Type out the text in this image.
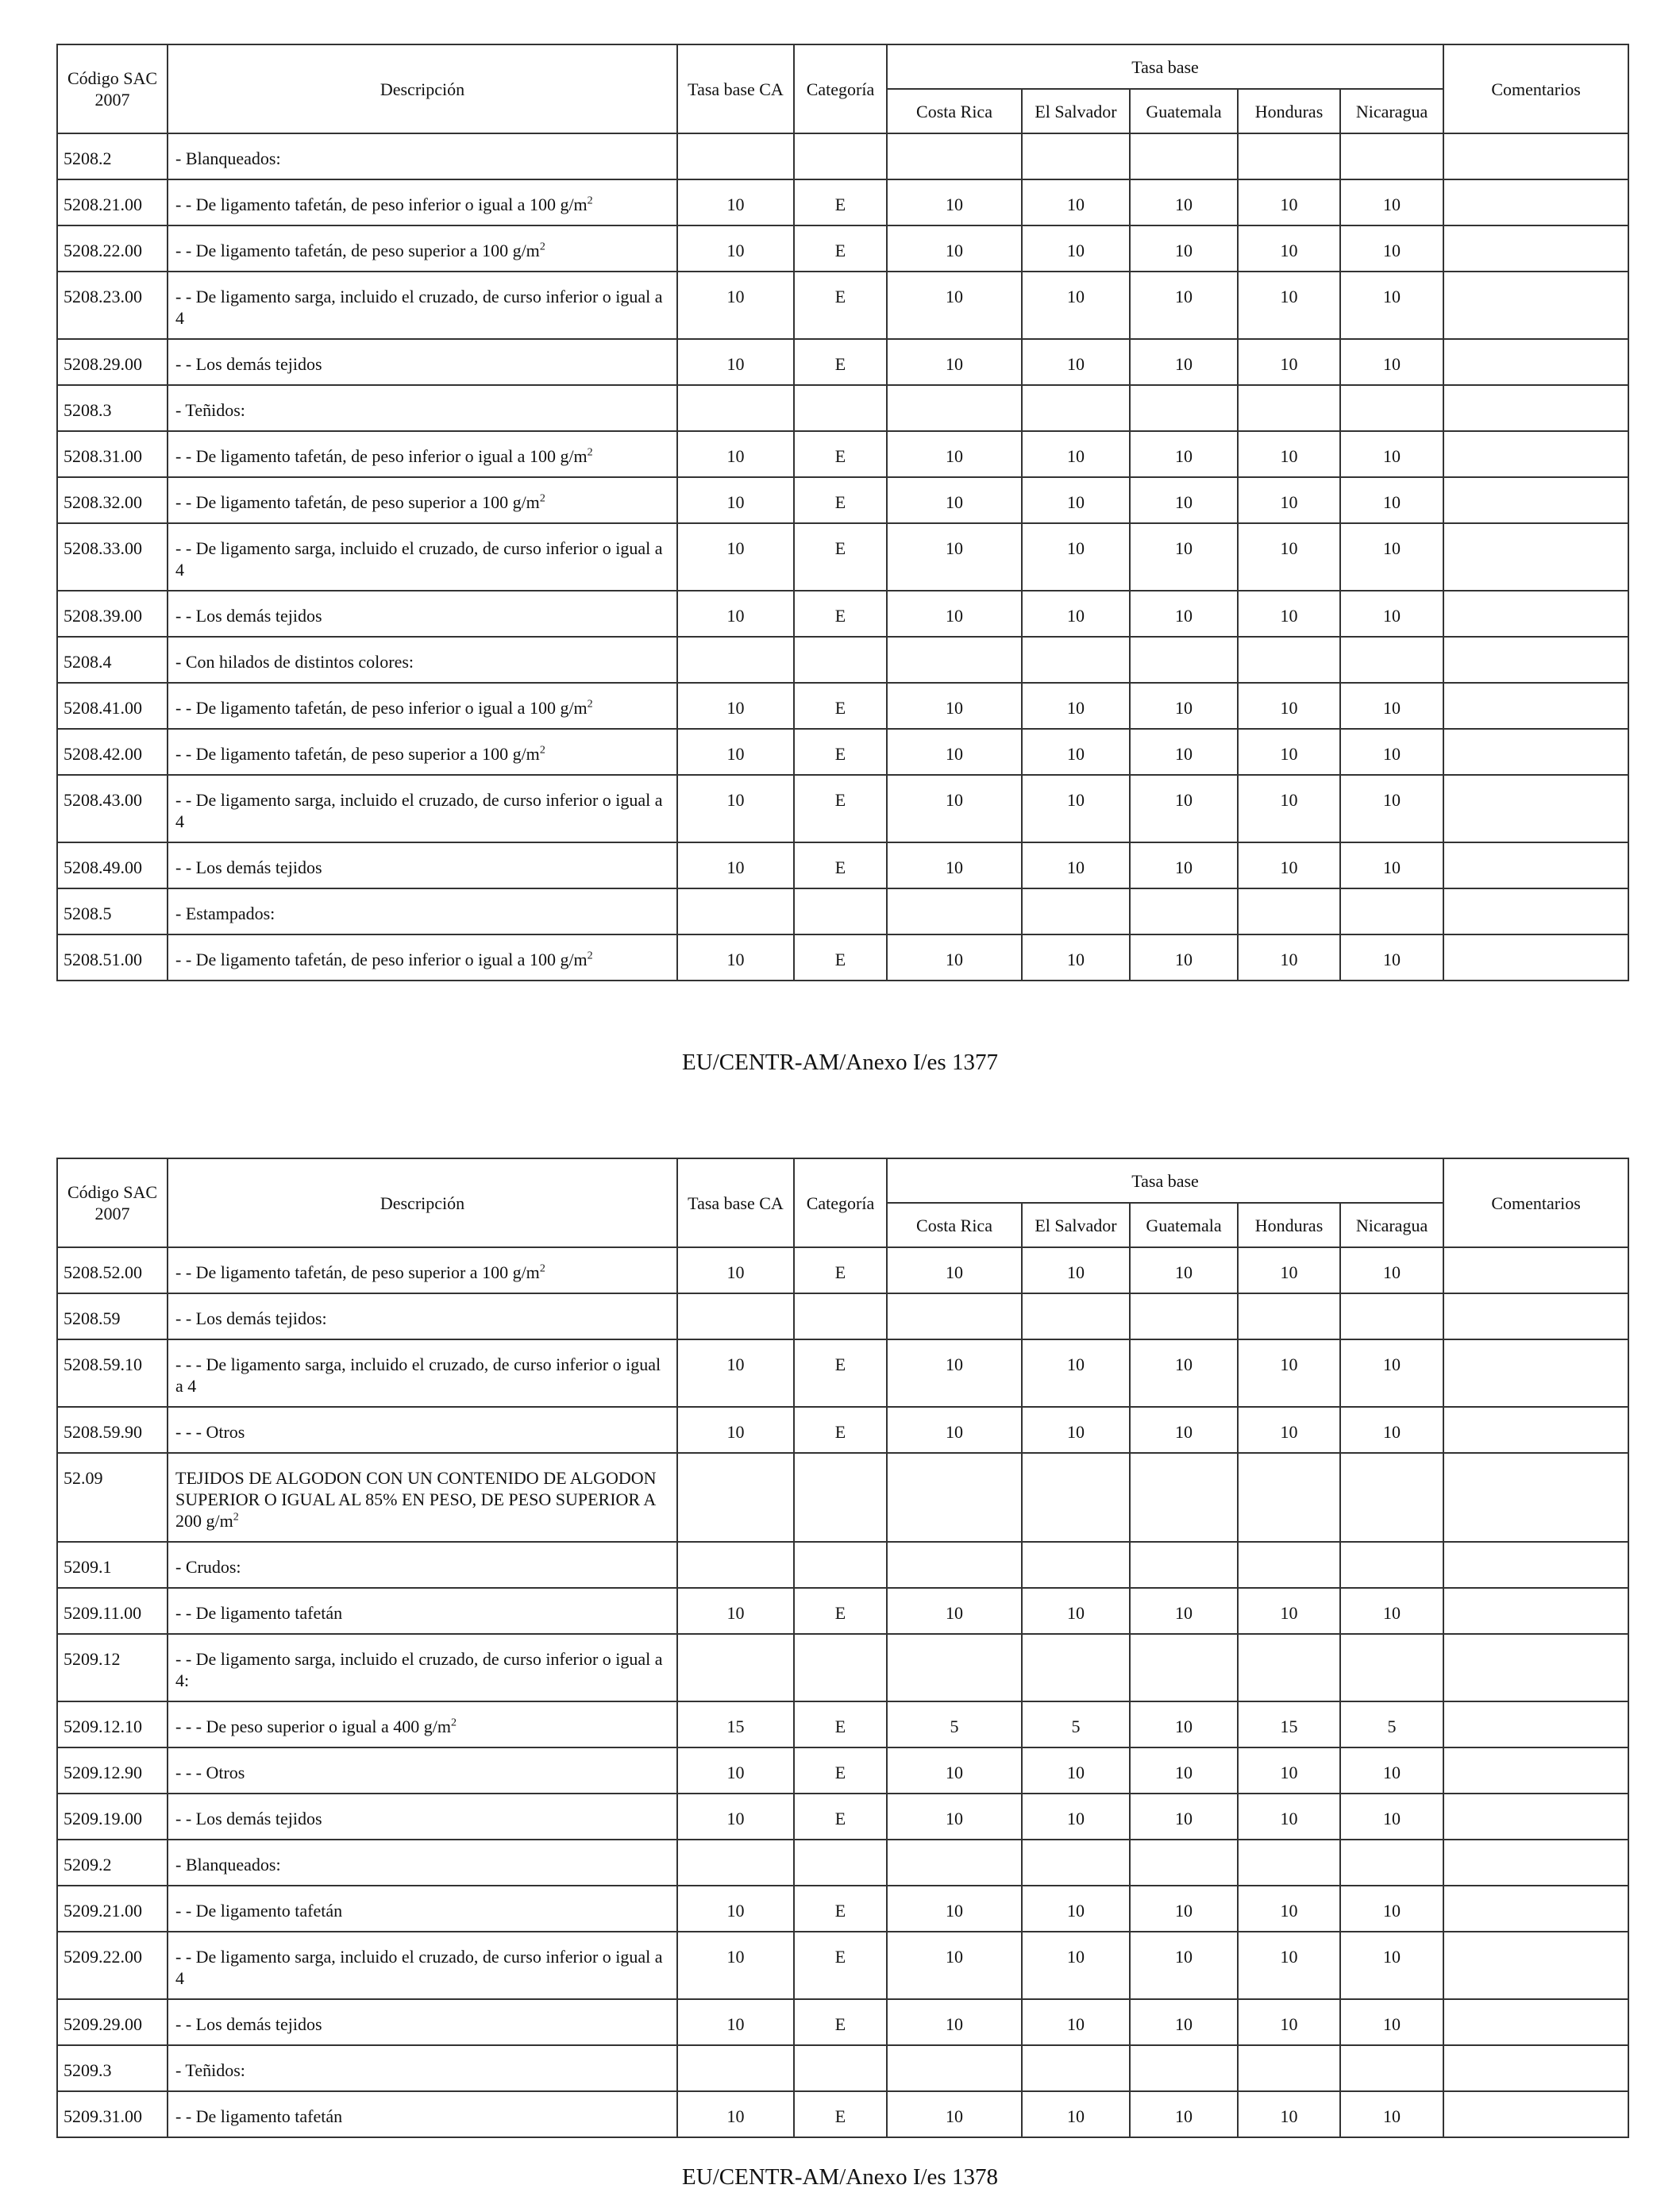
Código SAC 2007	Descripción	Tasa base CA	Categoría	Tasa base					Comentarios
				Costa Rica	El Salvador	Guatemala	Honduras	Nicaragua	
5208.2	- Blanqueados:								
5208.21.00	- - De ligamento tafetán, de peso inferior o igual a 100 $g/m^2$	10	E	10	10	10	10	10	
5208.22.00	- - De ligamento tafetán, de peso superior a 100 $g/m^2$	10	E	10	10	10	10	10	
5208.23.00	- - De ligamento sarga, incluido el cruzado, de curso inferior o igual a 4	10	E	10	10	10	10	10	
5208.29.00	- - Los demás tejidos	10	E	10	10	10	10	10	
5208.3	- Teñidos:								
5208.31.00	- - De ligamento tafetán, de peso inferior o igual a 100 $g/m^2$	10	E	10	10	10	10	10	
5208.32.00	- - De ligamento tafetán, de peso superior a 100 $g/m^2$	10	E	10	10	10	10	10	
5208.33.00	- - De ligamento sarga, incluido el cruzado, de curso inferior o igual a 4	10	E	10	10	10	10	10	
5208.39.00	- - Los demás tejidos	10	E	10	10	10	10	10	
5208.4	- Con hilados de distintos colores:								
5208.41.00	- - De ligamento tafetán, de peso inferior o igual a 100 $g/m^2$	10	E	10	10	10	10	10	
5208.42.00	- - De ligamento tafetán, de peso superior a 100 $g/m^2$	10	E	10	10	10	10	10	
5208.43.00	- - De ligamento sarga, incluido el cruzado, de curso inferior o igual a 4	10	E	10	10	10	10	10	
5208.49.00	- - Los demás tejidos	10	E	10	10	10	10	10	
5208.5	- Estampados:								
5208.51.00	- - De ligamento tafetán, de peso inferior o igual a 100 $g/m^2$	10	E	10	10	10	10	10	
EU/CENTR-AM/Anexo I/es 1377
Código SAC 2007	Descripción	Tasa base CA	Categoría	Tasa base					Comentarios
				Costa Rica	El Salvador	Guatemala	Honduras	Nicaragua	
5208.52.00	- - De ligamento tafetán, de peso superior a 100 $g/m^2$	10	E	10	10	10	10	10	
5208.59	- - Los demás tejidos:								
5208.59.10	- - - De ligamento sarga, incluido el cruzado, de curso inferior o igual a 4	10	E	10	10	10	10	10	
5208.59.90	- - - Otros	10	E	10	10	10	10	10	
52.09	TEJIDOS DE ALGODON CON UN CONTENIDO DE ALGODON SUPERIOR O IGUAL AL 85% EN PESO, DE PESO SUPERIOR A 200 $g/m^2$								
5209.1	- Crudos:								
5209.11.00	- - De ligamento tafetán	10	E	10	10	10	10	10	
5209.12	- - De ligamento sarga, incluido el cruzado, de curso inferior o igual a 4:								
5209.12.10	- - - De peso superior o igual a 400 $g/m^2$	15	E	5	5	10	15	5	
5209.12.90	- - - Otros	10	E	10	10	10	10	10	
5209.19.00	- - Los demás tejidos	10	E	10	10	10	10	10	
5209.2	- Blanqueados:								
5209.21.00	- - De ligamento tafetán	10	E	10	10	10	10	10	
5209.22.00	- - De ligamento sarga, incluido el cruzado, de curso inferior o igual a 4	10	E	10	10	10	10	10	
5209.29.00	- - Los demás tejidos	10	E	10	10	10	10	10	
5209.3	- Teñidos:								
5209.31.00	- - De ligamento tafetán	10	E	10	10	10	10	10	
EU/CENTR-AM/Anexo I/es 1378
